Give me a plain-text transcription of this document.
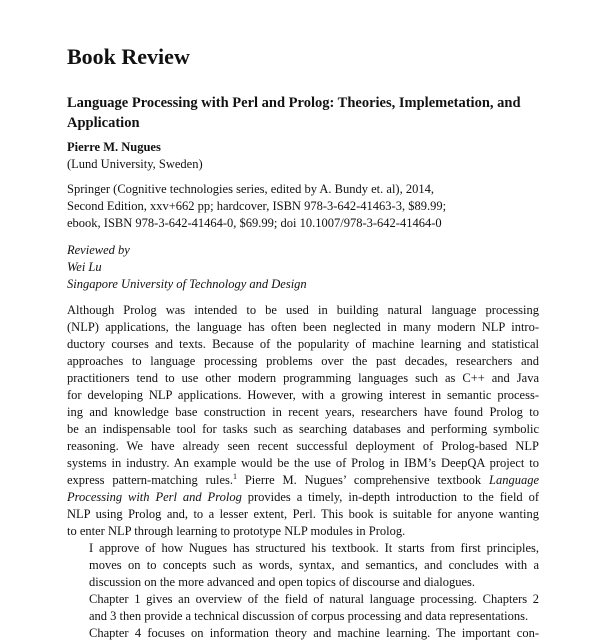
Book Review
Language Processing with Perl and Prolog: Theories, Implemetation, and Application
Pierre M. Nugues
(Lund University, Sweden)
Springer (Cognitive technologies series, edited by A. Bundy et. al), 2014,
Second Edition, xxv+662 pp; hardcover, ISBN 978-3-642-41463-3, $89.99;
ebook, ISBN 978-3-642-41464-0, $69.99; doi 10.1007/978-3-642-41464-0
Reviewed by
Wei Lu
Singapore University of Technology and Design

Although Prolog was intended to be used in building natural language processing
(NLP) applications, the language has often been neglected in many modern NLP intro-
ductory courses and texts. Because of the popularity of machine learning and statistical
approaches to language processing problems over the past decades, researchers and
practitioners tend to use other modern programming languages such as C++ and Java
for developing NLP applications. However, with a growing interest in semantic process-
ing and knowledge base construction in recent years, researchers have found Prolog to
be an indispensable tool for tasks such as searching databases and performing symbolic
reasoning. We have already seen recent successful deployment of Prolog-based NLP
systems in industry. An example would be the use of Prolog in IBM’s DeepQA project to
express pattern-matching rules.$^1$ Pierre M. Nugues’ comprehensive textbook Language
Processing with Perl and Prolog provides a timely, in-depth introduction to the field of
NLP using Prolog and, to a lesser extent, Perl. This book is suitable for anyone wanting
to enter NLP through learning to prototype NLP modules in Prolog.

I approve of how Nugues has structured his textbook. It starts from first principles,
moves on to concepts such as words, syntax, and semantics, and concludes with a
discussion on the more advanced and open topics of discourse and dialogues.

Chapter 1 gives an overview of the field of natural language processing. Chapters 2
and 3 then provide a technical discussion of corpus processing and data representations.

Chapter 4 focuses on information theory and machine learning. The important con-
